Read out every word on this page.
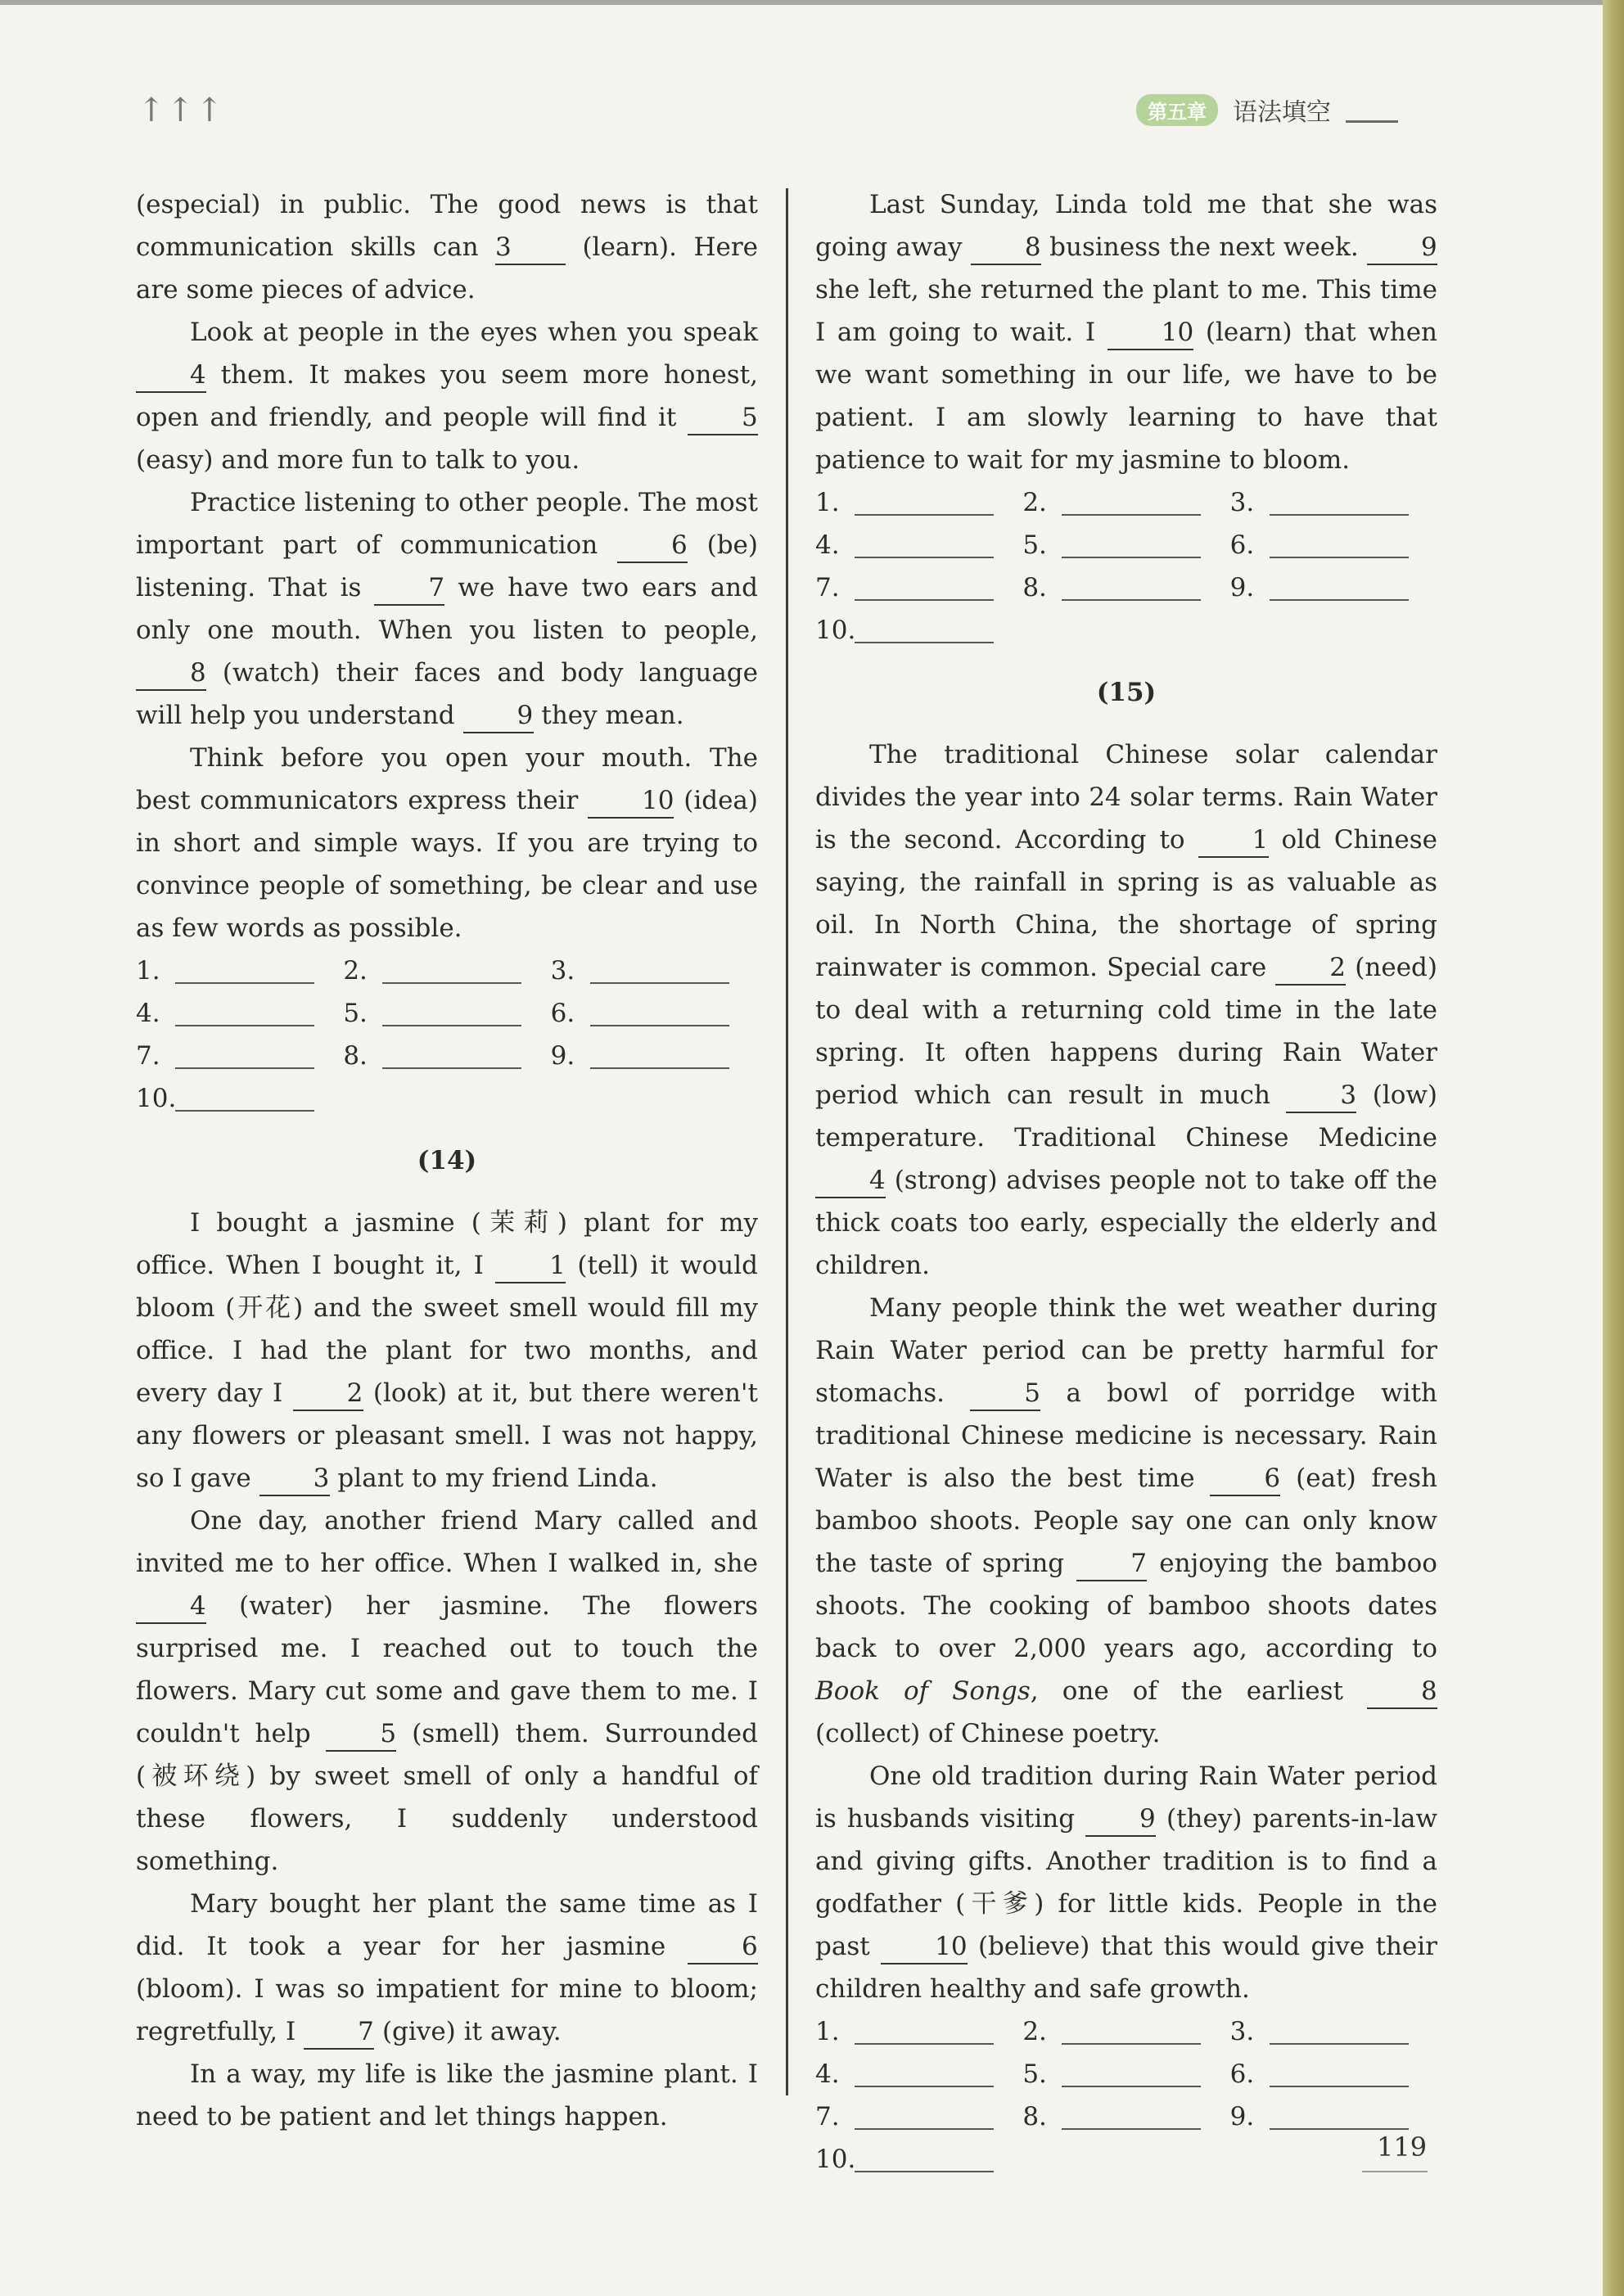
↑↑↑	第五章	语法填空

(especial) in public. The good news is that communication skills can 3 (learn). Here are some pieces of advice.

Look at people in the eyes when you speak 4 them. It makes you seem more honest, open and friendly, and people will find it 5 (easy) and more fun to talk to you.

Practice listening to other people. The most important part of communication 6 (be) listening. That is 7 we have two ears and only one mouth. When you listen to people, 8 (watch) their faces and body language will help you understand 9 they mean.

Think before you open your mouth. The best communicators express their 10 (idea) in short and simple ways. If you are trying to convince people of something, be clear and use as few words as possible.

1.	2.	3.
4.	5.	6.
7.	8.	9.
10.
(14)

I bought a jasmine (茉莉) plant for my office. When I bought it, I 1 (tell) it would bloom (开花) and the sweet smell would fill my office. I had the plant for two months, and every day I 2 (look) at it, but there weren't any flowers or pleasant smell. I was not happy, so I gave 3 plant to my friend Linda.

One day, another friend Mary called and invited me to her office. When I walked in, she 4 (water) her jasmine. The flowers surprised me. I reached out to touch the flowers. Mary cut some and gave them to me. I couldn't help 5 (smell) them. Surrounded (被环绕) by sweet smell of only a handful of these flowers, I suddenly understood something.

Mary bought her plant the same time as I did. It took a year for her jasmine 6 (bloom). I was so impatient for mine to bloom; regretfully, I 7 (give) it away.

In a way, my life is like the jasmine plant. I need to be patient and let things happen.

Last Sunday, Linda told me that she was going away 8 business the next week. 9 she left, she returned the plant to me. This time I am going to wait. I 10 (learn) that when we want something in our life, we have to be patient. I am slowly learning to have that patience to wait for my jasmine to bloom.

1.	2.	3.
4.	5.	6.
7.	8.	9.
10.
(15)

The traditional Chinese solar calendar divides the year into 24 solar terms. Rain Water is the second. According to 1 old Chinese saying, the rainfall in spring is as valuable as oil. In North China, the shortage of spring rainwater is common. Special care 2 (need) to deal with a returning cold time in the late spring. It often happens during Rain Water period which can result in much 3 (low) temperature. Traditional Chinese Medicine 4 (strong) advises people not to take off the thick coats too early, especially the elderly and children.

Many people think the wet weather during Rain Water period can be pretty harmful for stomachs. 5 a bowl of porridge with traditional Chinese medicine is necessary. Rain Water is also the best time 6 (eat) fresh bamboo shoots. People say one can only know the taste of spring 7 enjoying the bamboo shoots. The cooking of bamboo shoots dates back to over 2,000 years ago, according to Book of Songs, one of the earliest 8 (collect) of Chinese poetry.

One old tradition during Rain Water period is husbands visiting 9 (they) parents-in-law and giving gifts. Another tradition is to find a godfather (干爹) for little kids. People in the past 10 (believe) that this would give their children healthy and safe growth.

1.	2.	3.
4.	5.	6.
7.	8.	9.
10.	119
